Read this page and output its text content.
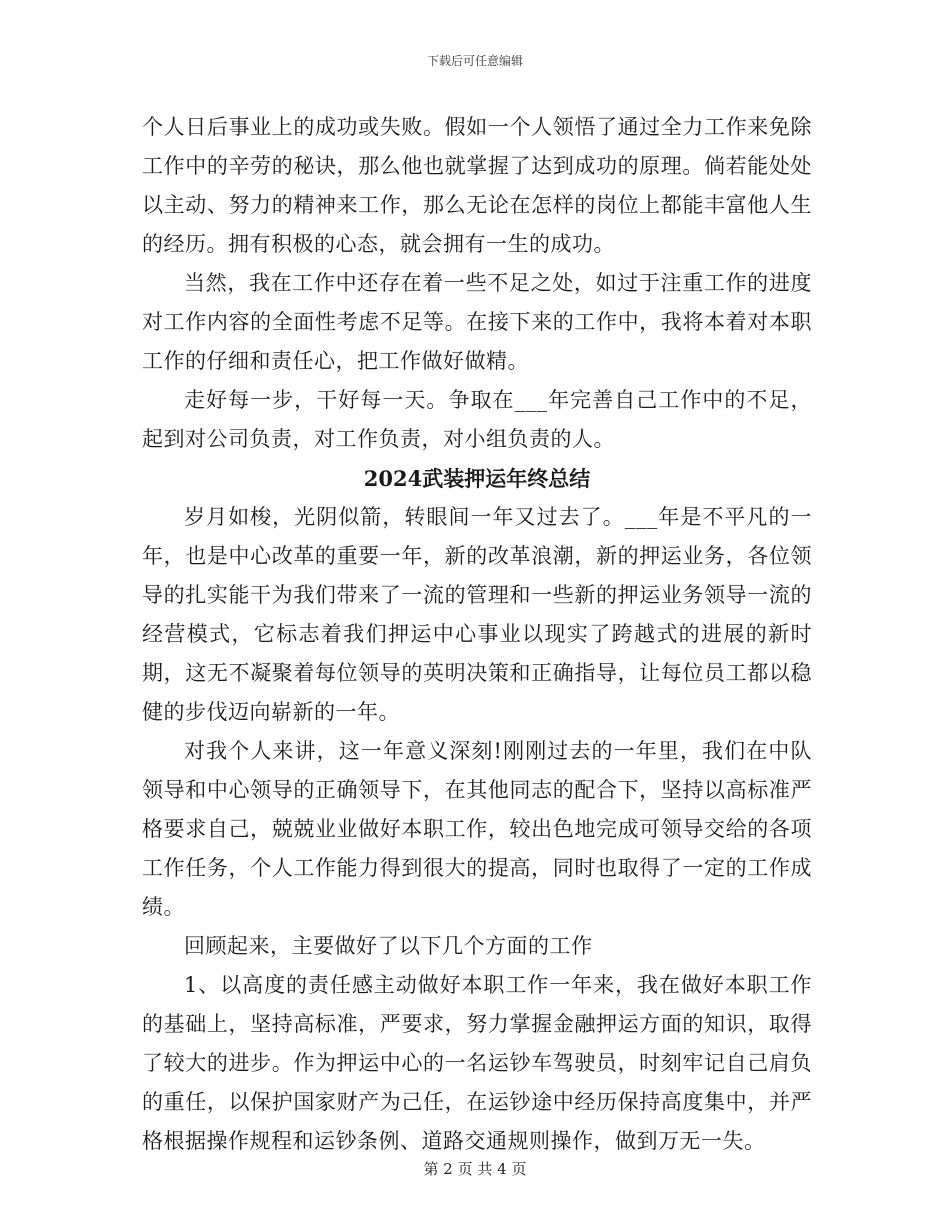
下载后可任意编辑

个人日后事业上的成功或失败。假如一个人领悟了通过全力工作来免除工作中的辛劳的秘诀，那么他也就掌握了达到成功的原理。倘若能处处以主动、努力的精神来工作，那么无论在怎样的岗位上都能丰富他人生的经历。拥有积极的心态，就会拥有一生的成功。

当然，我在工作中还存在着一些不足之处，如过于注重工作的进度对工作内容的全面性考虑不足等。在接下来的工作中，我将本着对本职工作的仔细和责任心，把工作做好做精。

走好每一步，干好每一天。争取在___年完善自己工作中的不足，起到对公司负责，对工作负责，对小组负责的人。

2024武装押运年终总结

岁月如梭，光阴似箭，转眼间一年又过去了。___年是不平凡的一年，也是中心改革的重要一年，新的改革浪潮，新的押运业务，各位领导的扎实能干为我们带来了一流的管理和一些新的押运业务领导一流的经营模式，它标志着我们押运中心事业以现实了跨越式的进展的新时期，这无不凝聚着每位领导的英明决策和正确指导，让每位员工都以稳健的步伐迈向崭新的一年。

对我个人来讲，这一年意义深刻!刚刚过去的一年里，我们在中队领导和中心领导的正确领导下，在其他同志的配合下，坚持以高标准严格要求自己，兢兢业业做好本职工作，较出色地完成可领导交给的各项工作任务，个人工作能力得到很大的提高，同时也取得了一定的工作成绩。

回顾起来，主要做好了以下几个方面的工作

1、以高度的责任感主动做好本职工作一年来，我在做好本职工作的基础上，坚持高标准，严要求，努力掌握金融押运方面的知识，取得了较大的进步。作为押运中心的一名运钞车驾驶员，时刻牢记自己肩负的重任，以保护国家财产为己任，在运钞途中经历保持高度集中，并严格根据操作规程和运钞条例、道路交通规则操作，做到万无一失。

第 2 页 共 4 页
